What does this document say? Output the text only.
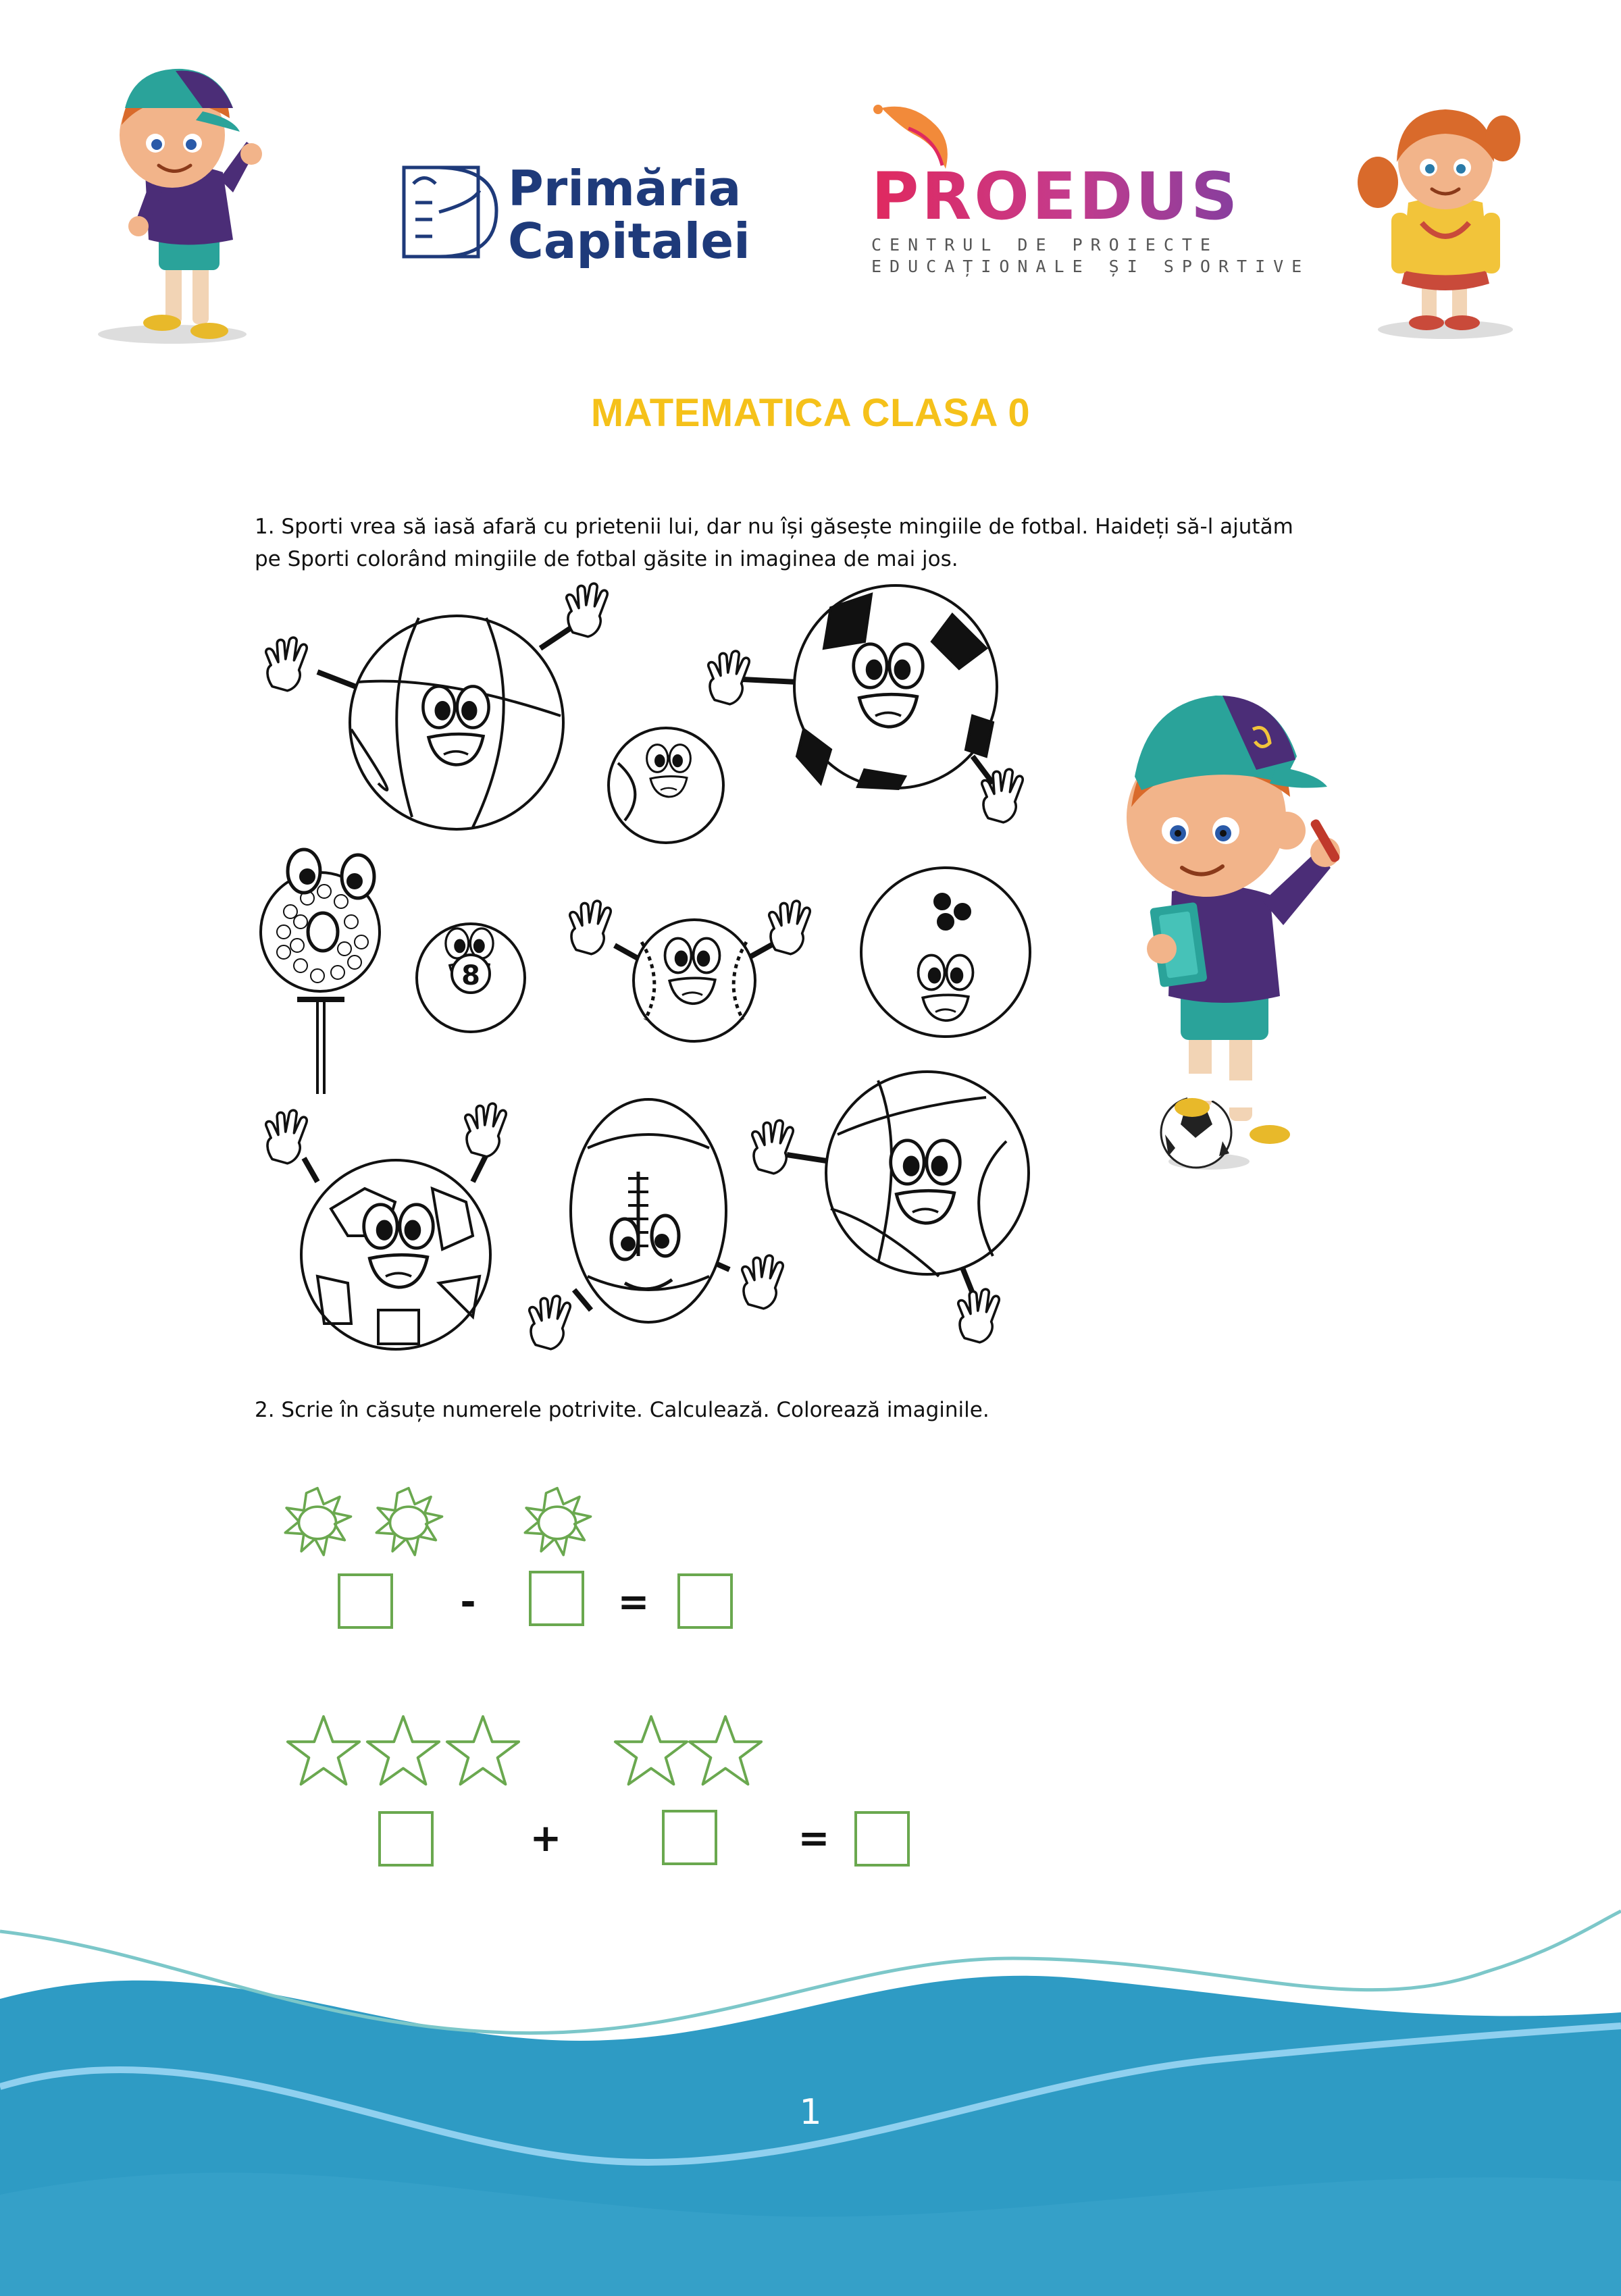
8
Primăria
Capitalei
PROEDUS
CENTRUL DE PROIECTE
EDUCAȚIONALE ȘI SPORTIVE
MATEMATICA CLASA 0
1. Sporti vrea să iasă afară cu prietenii lui, dar nu își găsește mingiile de fotbal. Haideți să-l ajutăm pe Sporti colorând mingiile de fotbal găsite in imaginea de mai jos.
2. Scrie în căsuțe numerele potrivite. Calculează. Colorează imaginile.
-	=
+	=
1
